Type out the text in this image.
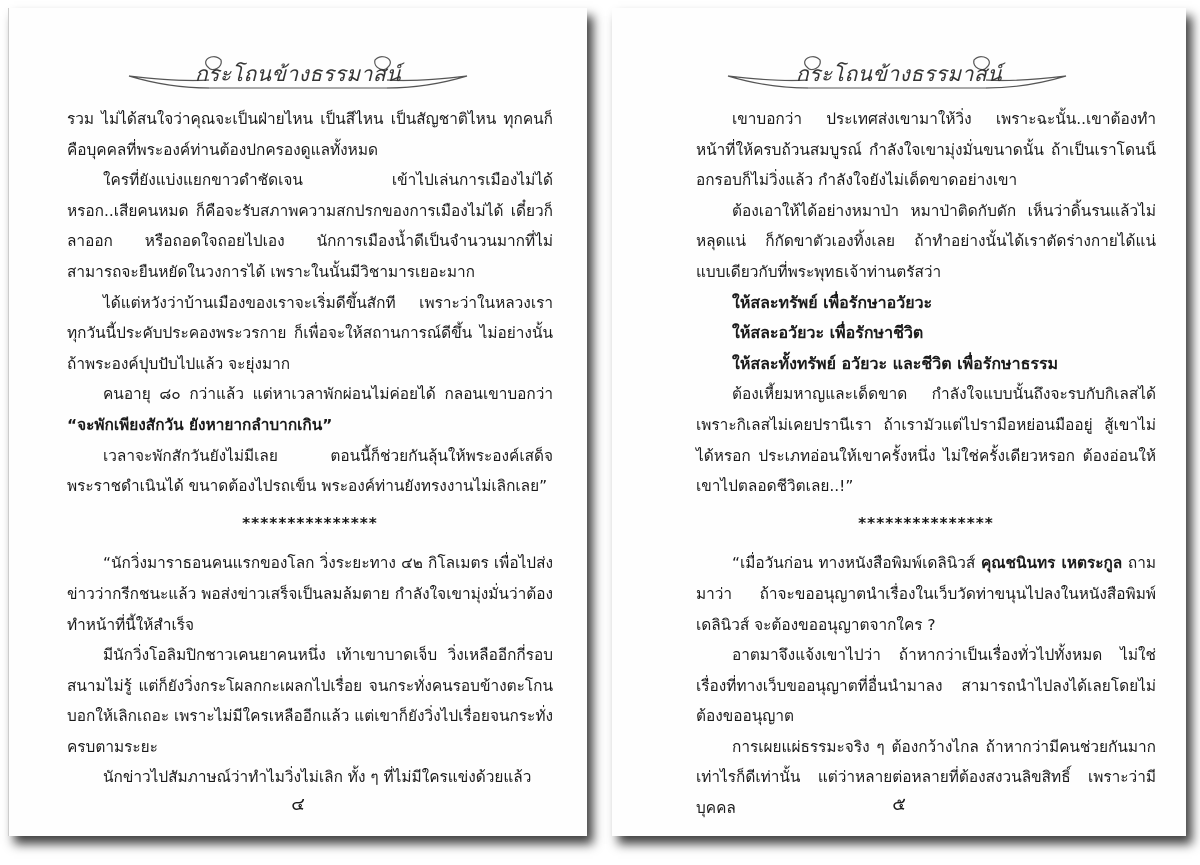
กระโถนข้างธรรมาสน์

รวม ไม่ได้สนใจว่าคุณจะเป็นฝ่ายไหน เป็นสีไหน เป็นสัญชาติไหน ทุกคนก็คือบุคคลที่พระองค์ท่านต้องปกครองดูแลทั้งหมด

ใครที่ยังแบ่งแยกขาวดำชัดเจน เข้าไปเล่นการเมืองไม่ได้หรอก..เสียคนหมด ก็คือจะรับสภาพความสกปรกของการเมืองไม่ได้ เดี๋ยวก็ลาออก หรือถอดใจถอยไปเอง นักการเมืองน้ำดีเป็นจำนวนมากที่ไม่สามารถจะยืนหยัดในวงการได้ เพราะในนั้นมีวิชามารเยอะมาก

ได้แต่หวังว่าบ้านเมืองของเราจะเริ่มดีขึ้นสักที เพราะว่าในหลวงเราทุกวันนี้ประคับประคองพระวรกาย ก็เพื่อจะให้สถานการณ์ดีขึ้น ไม่อย่างนั้นถ้าพระองค์ปุบปับไปแล้ว จะยุ่งมาก

คนอายุ ๘๐ กว่าแล้ว แต่หาเวลาพักผ่อนไม่ค่อยได้ กลอนเขาบอกว่า “จะพักเพียงสักวัน ยังหายากลำบากเกิน”

เวลาจะพักสักวันยังไม่มีเลย ตอนนี้ก็ช่วยกันลุ้นให้พระองค์เสด็จพระราชดำเนินได้ ขนาดต้องไปรถเข็น พระองค์ท่านยังทรงงานไม่เลิกเลย”

***************

“นักวิ่งมาราธอนคนแรกของโลก วิ่งระยะทาง ๔๒ กิโลเมตร เพื่อไปส่งข่าวว่ากรีกชนะแล้ว พอส่งข่าวเสร็จเป็นลมล้มตาย กำลังใจเขามุ่งมั่นว่าต้องทำหน้าที่นี้ให้สำเร็จ

มีนักวิ่งโอลิมปิกชาวเคนยาคนหนึ่ง เท้าเขาบาดเจ็บ วิ่งเหลืออีกกี่รอบสนามไม่รู้ แต่ก็ยังวิ่งกระโผลกกะเผลกไปเรื่อย จนกระทั่งคนรอบข้างตะโกนบอกให้เลิกเถอะ เพราะไม่มีใครเหลืออีกแล้ว แต่เขาก็ยังวิ่งไปเรื่อยจนกระทั่งครบตามระยะ

นักข่าวไปสัมภาษณ์ว่าทำไมวิ่งไม่เลิก ทั้ง ๆ ที่ไม่มีใครแข่งด้วยแล้ว

๔
กระโถนข้างธรรมาสน์

เขาบอกว่า ประเทศส่งเขามาให้วิ่ง เพราะฉะนั้น..เขาต้องทำหน้าที่ให้ครบถ้วนสมบูรณ์ กำลังใจเขามุ่งมั่นขนาดนั้น ถ้าเป็นเราโดนน็อกรอบก็ไม่วิ่งแล้ว กำลังใจยังไม่เด็ดขาดอย่างเขา

ต้องเอาให้ได้อย่างหมาป่า หมาป่าติดกับดัก เห็นว่าดิ้นรนแล้วไม่หลุดแน่ ก็กัดขาตัวเองทิ้งเลย ถ้าทำอย่างนั้นได้เราตัดร่างกายได้แน่ แบบเดียวกับที่พระพุทธเจ้าท่านตรัสว่า

ให้สละทรัพย์ เพื่อรักษาอวัยวะ

ให้สละอวัยวะ เพื่อรักษาชีวิต

ให้สละทั้งทรัพย์ อวัยวะ และชีวิต เพื่อรักษาธรรม

ต้องเหี้ยมหาญและเด็ดขาด กำลังใจแบบนั้นถึงจะรบกับกิเลสได้ เพราะกิเลสไม่เคยปรานีเรา ถ้าเรามัวแต่ไปรามือหย่อนมืออยู่ สู้เขาไม่ได้หรอก ประเภทอ่อนให้เขาครั้งหนึ่ง ไม่ใช่ครั้งเดียวหรอก ต้องอ่อนให้เขาไปตลอดชีวิตเลย..!”

***************

“เมื่อวันก่อน ทางหนังสือพิมพ์เดลินิวส์ คุณชนินทร เหตระกูล ถามมาว่า ถ้าจะขออนุญาตนำเรื่องในเว็บวัดท่าขนุนไปลงในหนังสือพิมพ์เดลินิวส์ จะต้องขออนุญาตจากใคร ?

อาตมาจึงแจ้งเขาไปว่า ถ้าหากว่าเป็นเรื่องทั่วไปทั้งหมด ไม่ใช่เรื่องที่ทางเว็บขออนุญาตที่อื่นนำมาลง สามารถนำไปลงได้เลยโดยไม่ต้องขออนุญาต

การเผยแผ่ธรรมะจริง ๆ ต้องกว้างไกล ถ้าหากว่ามีคนช่วยกันมากเท่าไรก็ดีเท่านั้น แต่ว่าหลายต่อหลายที่ต้องสงวนลิขสิทธิ์ เพราะว่ามีบุคคล	๕
